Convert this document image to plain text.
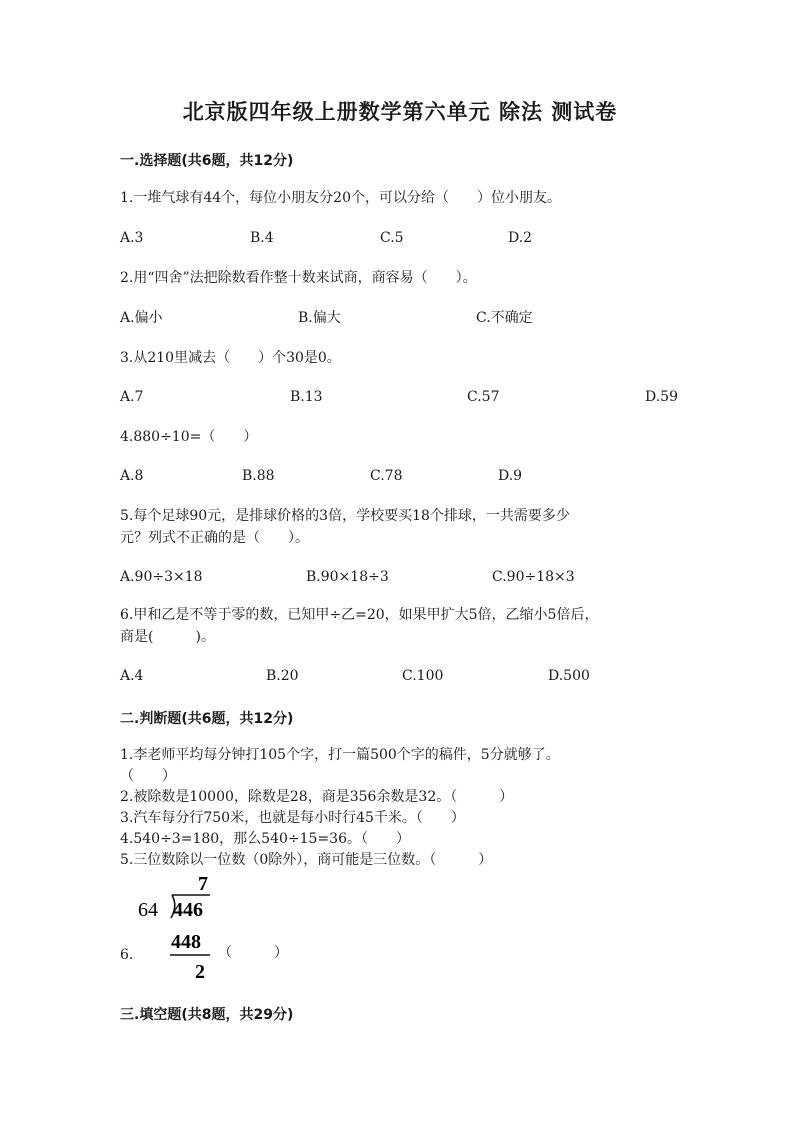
北京版四年级上册数学第六单元 除法 测试卷
一.选择题(共6题，共12分)
1.一堆气球有44个，每位小朋友分20个，可以分给（　　）位小朋友。
A.3	B.4	C.5	D.2
2.用“四舍”法把除数看作整十数来试商，商容易（　　）。
A.偏小	B.偏大	C.不确定
3.从210里减去（　　）个30是0。
A.7	B.13	C.57	D.59
4.880÷10=（　　）
A.8	B.88	C.78	D.9
5.每个足球90元，是排球价格的3倍，学校要买18个排球，一共需要多少
元？列式不正确的是（　　）。
A.90÷3×18	B.90×18÷3	C.90÷18×3
6.甲和乙是不等于零的数，已知甲÷乙=20，如果甲扩大5倍，乙缩小5倍后，
商是(　　　)。
A.4	B.20	C.100	D.500
二.判断题(共6题，共12分)
1.李老师平均每分钟打105个字，打一篇500个字的稿件，5分就够了。
（　　）
2.被除数是10000，除数是28，商是356余数是32。（　　　）
3.汽车每分行750米，也就是每小时行45千米。（　　）
4.540÷3=180，那么540÷15=36。（　　）
5.三位数除以一位数（0除外），商可能是三位数。（　　　）
7
64 446
448
2
6.	（　　　）
三.填空题(共8题，共29分)
